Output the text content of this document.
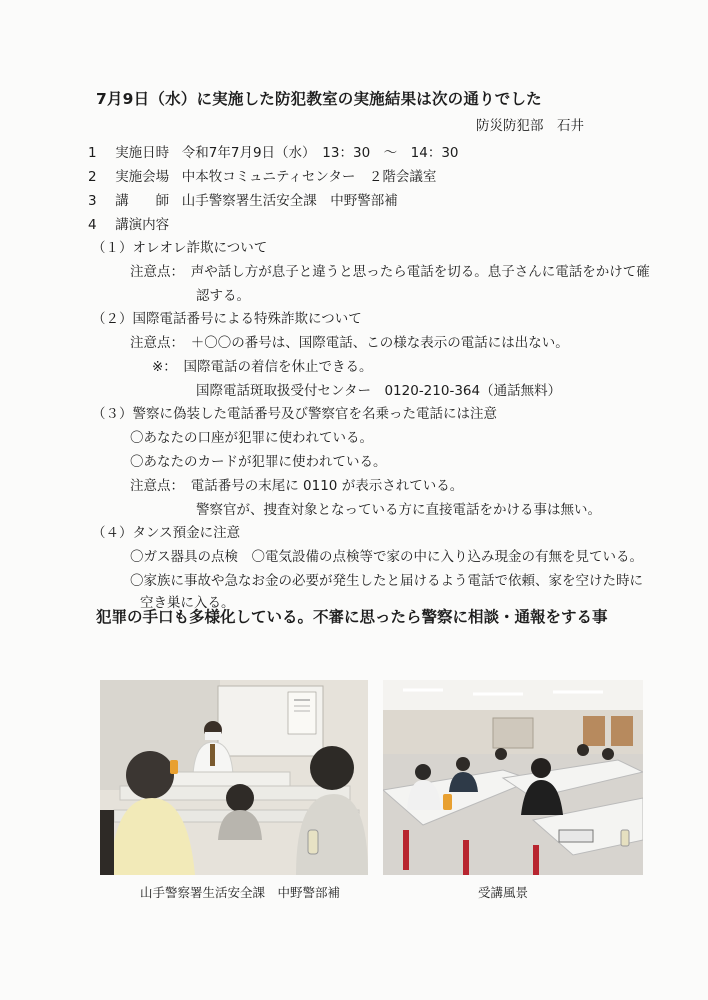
7月9日（水）に実施した防犯教室の実施結果は次の通りでした
防災防犯部　石井
1 実施日時 令和7年7月9日（水）　13：30　～　14：30
2 実施会場 中本牧コミュニティセンター　２階会議室
3 講　　師 山手警察署生活安全課　中野警部補
4 講演内容
（１）オレオレ詐欺について
注意点：　声や話し方が息子と違うと思ったら電話を切る。息子さんに電話をかけて確
認する。
（２）国際電話番号による特殊詐欺について
注意点：　＋〇〇の番号は、国際電話、この様な表示の電話には出ない。
※：　国際電話の着信を休止できる。
国際電話斑取扱受付センター　0120-210-364（通話無料）
（３）警察に偽装した電話番号及び警察官を名乗った電話には注意
〇あなたの口座が犯罪に使われている。
〇あなたのカードが犯罪に使われている。
注意点：　電話番号の末尾に 0110 が表示されている。
警察官が、捜査対象となっている方に直接電話をかける事は無い。
（４）タンス預金に注意
〇ガス器具の点検　〇電気設備の点検等で家の中に入り込み現金の有無を見ている。
〇家族に事故や急なお金の必要が発生したと届けるよう電話で依頼、家を空けた時に
空き巣に入る。
犯罪の手口も多様化している。不審に思ったら警察に相談・通報をする事
山手警察署生活安全課　中野警部補	受講風景
